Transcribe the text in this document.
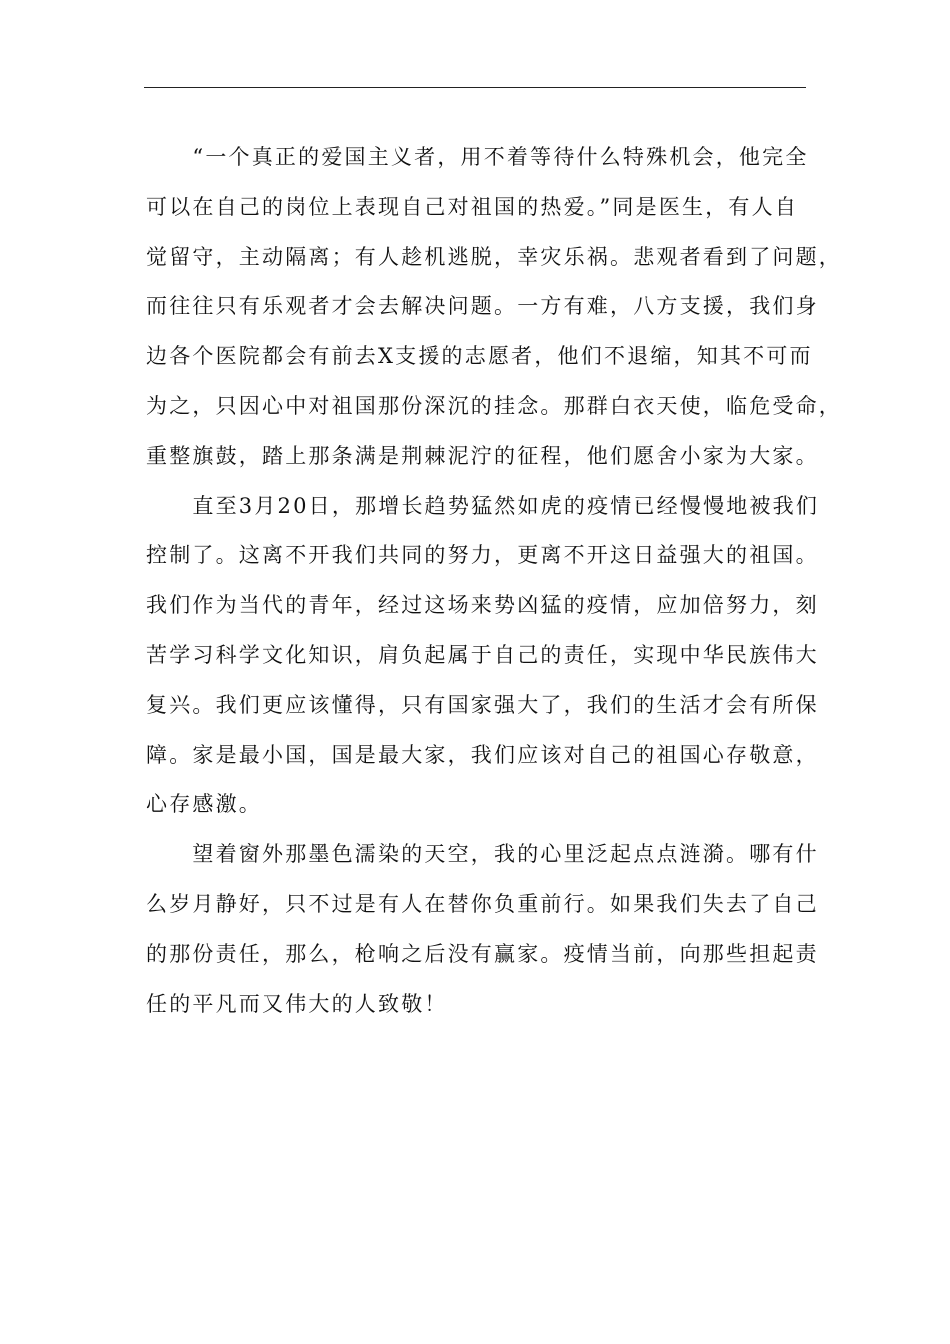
　　“一个真正的爱国主义者，用不着等待什么特殊机会，他完全
可以在自己的岗位上表现自己对祖国的热爱。”同是医生，有人自
觉留守，主动隔离；有人趁机逃脱，幸灾乐祸。悲观者看到了问题，
而往往只有乐观者才会去解决问题。一方有难，八方支援，我们身
边各个医院都会有前去X支援的志愿者，他们不退缩，知其不可而
为之，只因心中对祖国那份深沉的挂念。那群白衣天使，临危受命，
重整旗鼓，踏上那条满是荆棘泥泞的征程，他们愿舍小家为大家。
　　直至3月20日，那增长趋势猛然如虎的疫情已经慢慢地被我们
控制了。这离不开我们共同的努力，更离不开这日益强大的祖国。
我们作为当代的青年，经过这场来势凶猛的疫情，应加倍努力，刻
苦学习科学文化知识，肩负起属于自己的责任，实现中华民族伟大
复兴。我们更应该懂得，只有国家强大了，我们的生活才会有所保
障。家是最小国，国是最大家，我们应该对自己的祖国心存敬意，
心存感激。
　　望着窗外那墨色濡染的天空，我的心里泛起点点涟漪。哪有什
么岁月静好，只不过是有人在替你负重前行。如果我们失去了自己
的那份责任，那么，枪响之后没有赢家。疫情当前，向那些担起责
任的平凡而又伟大的人致敬！
